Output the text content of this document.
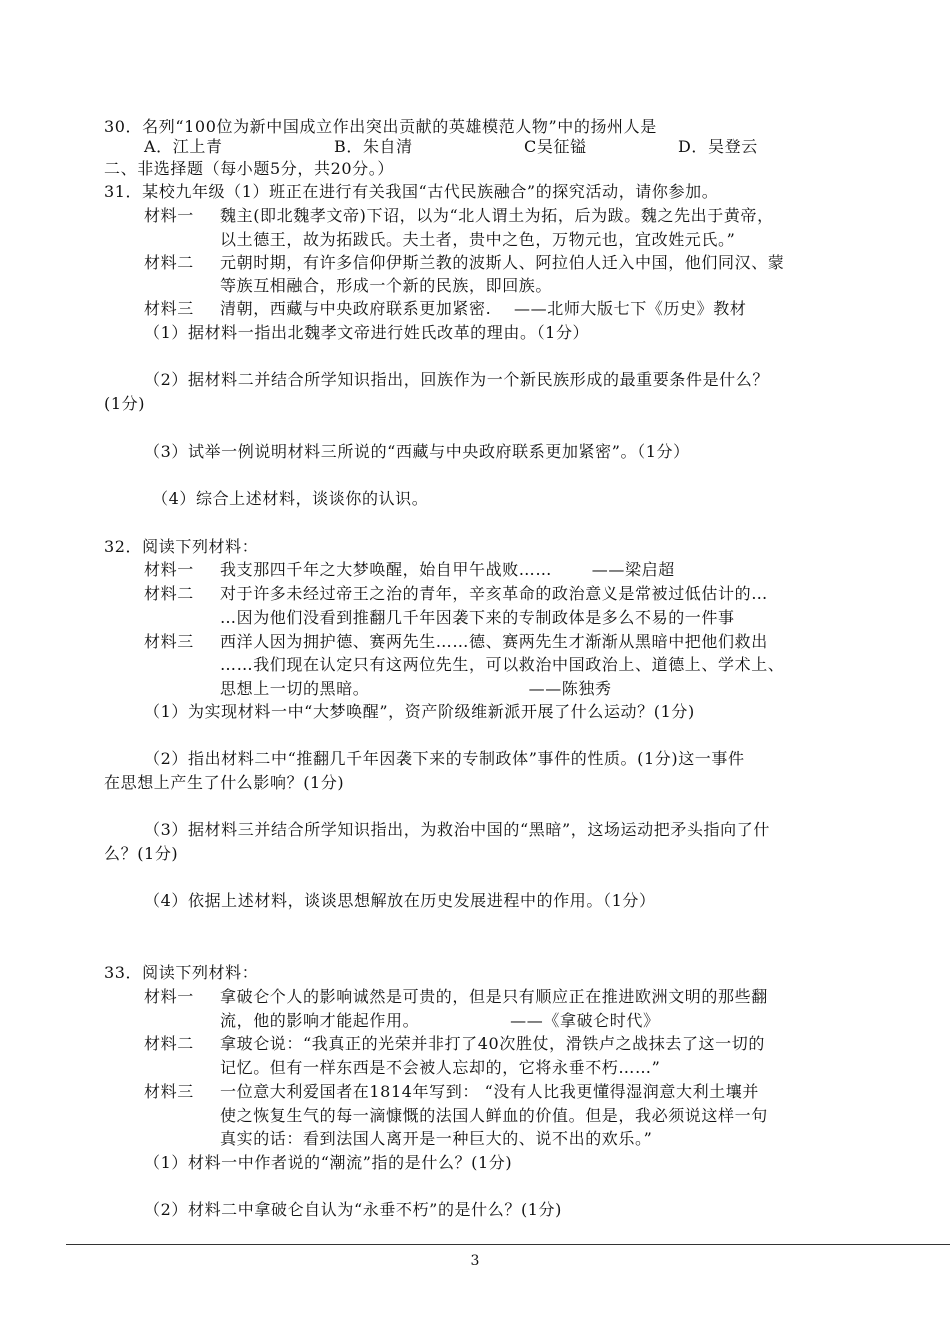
30．名列“100位为新中国成立作出突出贡献的英雄模范人物”中的扬州人是
A．江上青	B．朱自清	C吴征镒	D．吴登云
二、非选择题（每小题5分，共20分。）
31．某校九年级（1）班正在进行有关我国“古代民族融合”的探究活动，请你参加。
材料一 魏主(即北魏孝文帝)下诏，以为“北人谓土为拓，后为跋。魏之先出于黄帝，
以土德王，故为拓跋氏。夫土者，贵中之色，万物元也，宜改姓元氏。”
材料二 元朝时期，有许多信仰伊斯兰教的波斯人、阿拉伯人迁入中国，他们同汉、蒙
等族互相融合，形成一个新的民族，即回族。
材料三 清朝，西藏与中央政府联系更加紧密.    ——北师大版七下《历史》教材
（1）据材料一指出北魏孝文帝进行姓氏改革的理由。（1分）
（2）据材料二并结合所学知识指出，回族作为一个新民族形成的最重要条件是什么？
(1分)
（3）试举一例说明材料三所说的“西藏与中央政府联系更加紧密”。（1分）
（4）综合上述材料，谈谈你的认识。
32．阅读下列材料：
材料一 我支那四千年之大梦唤醒，始自甲午战败……       ——梁启超
材料二 对于许多未经过帝王之治的青年，辛亥革命的政治意义是常被过低估计的…
…因为他们没看到推翻几千年因袭下来的专制政体是多么不易的一件事
材料三 西洋人因为拥护德、赛两先生……德、赛两先生才渐渐从黑暗中把他们救出
……我们现在认定只有这两位先生，可以救治中国政治上、道德上、学术上、
思想上一切的黑暗。                            ——陈独秀
（1）为实现材料一中“大梦唤醒”，资产阶级维新派开展了什么运动？(1分)
（2）指出材料二中“推翻几千年因袭下来的专制政体”事件的性质。(1分)这一事件
在思想上产生了什么影响？(1分)
（3）据材料三并结合所学知识指出，为救治中国的“黑暗”，这场运动把矛头指向了什
么？(1分)
（4）依据上述材料，谈谈思想解放在历史发展进程中的作用。（1分）
33．阅读下列材料：
材料一 拿破仑个人的影响诚然是可贵的，但是只有顺应正在推进欧洲文明的那些翻
流，他的影响才能起作用。                ——《拿破仑时代》
材料二 拿玻仑说：“我真正的光荣并非打了40次胜仗，滑铁卢之战抹去了这一切的
记忆。但有一样东西是不会被人忘却的，它将永垂不朽……”
材料三 一位意大利爱国者在1814年写到： “没有人比我更懂得湿润意大利土壤并
使之恢复生气的每一滴慷慨的法国人鲜血的价值。但是，我必须说这样一句
真实的话：看到法国人离开是一种巨大的、说不出的欢乐。”
（1）材料一中作者说的“潮流”指的是什么？(1分)
（2）材料二中拿破仑自认为“永垂不朽”的是什么？(1分)
3
